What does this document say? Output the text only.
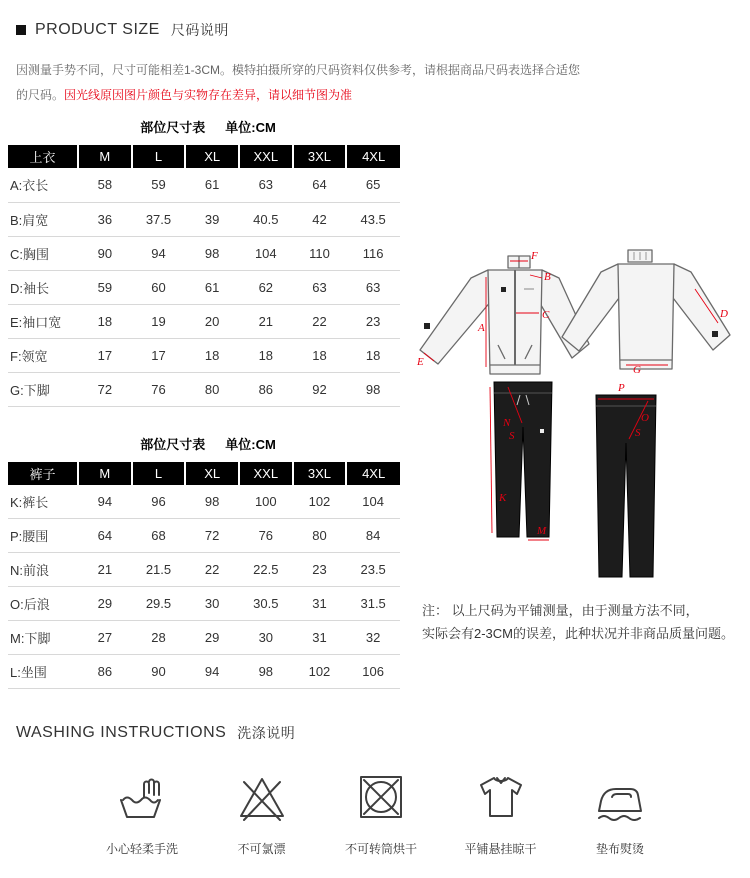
PRODUCT SIZE 尺码说明

因测量手势不同，尺寸可能相差1-3CM。模特拍摄所穿的尺码资料仅供参考，请根据商品尺码表选择合适您的尺码。因光线原因图片颜色与实物存在差异，请以细节图为准

部位尺寸表 单位:CM
上衣	M	L	XL	XXL	3XL	4XL
A:衣长	58	59	61	63	64	65
B:肩宽	36	37.5	39	40.5	42	43.5
C:胸围	90	94	98	104	110	116
D:袖长	59	60	61	62	63	63
E:袖口宽	18	19	20	21	22	23
F:领宽	17	17	18	18	18	18
G:下脚	72	76	80	86	92	98
部位尺寸表 单位:CM
裤子	M	L	XL	XXL	3XL	4XL
K:裤长	94	96	98	100	102	104
P:腰围	64	68	72	76	80	84
N:前浪	21	21.5	22	22.5	23	23.5
O:后浪	29	29.5	30	30.5	31	31.5
M:下脚	27	28	29	30	31	32
L:坐围	86	90	94	98	102	106
A
B
C	D
E
F
G
K
M
N	O
P
S	S
注： 以上尺码为平铺测量，由于测量方法不同，
实际会有2-3CM的误差，此种状况并非商品质量问题。
WASHING INSTRUCTIONS 洗涤说明
小心轻柔手洗	不可氯漂	不可转筒烘干	平铺悬挂晾干	垫布熨烫
